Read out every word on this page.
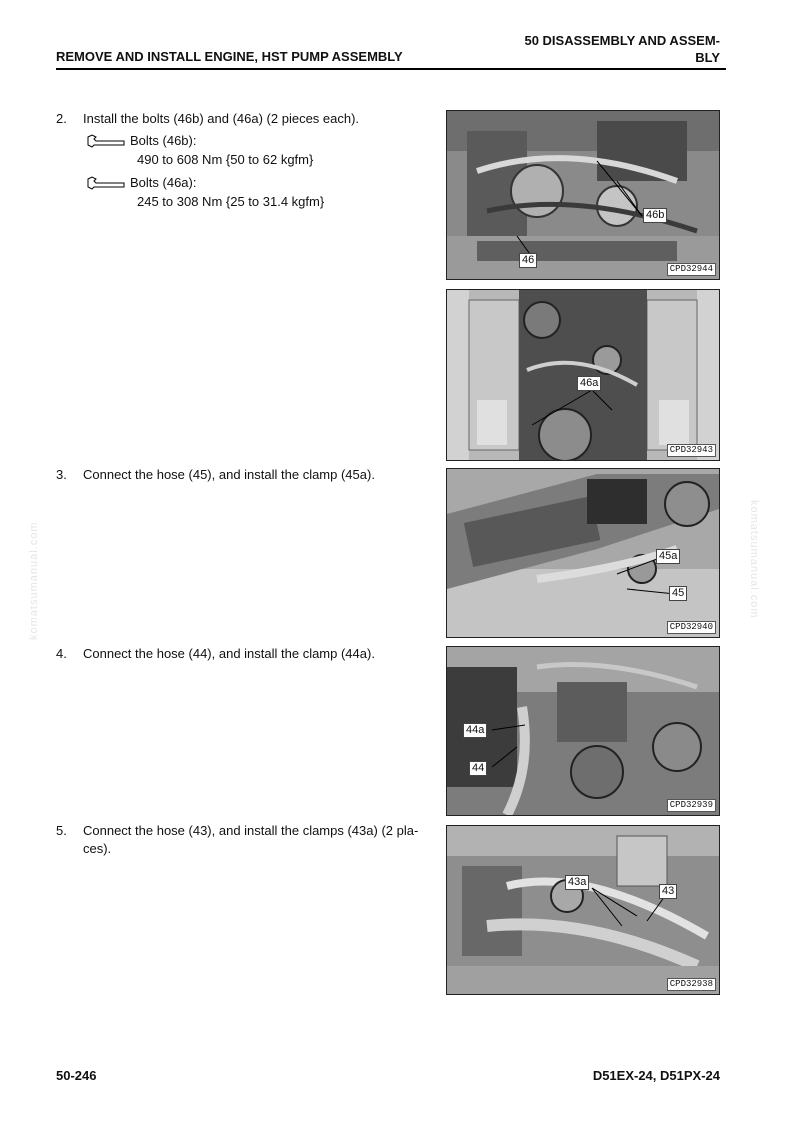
50 DISASSEMBLY AND ASSEM-
BLY
REMOVE AND INSTALL ENGINE, HST PUMP ASSEMBLY
komatsumanual.com	komatsumanual.com
2. Install the bolts (46b) and (46a) (2 pieces each).
Bolts (46b):
490 to 608 Nm {50 to 62 kgfm}
Bolts (46a):
245 to 308 Nm {25 to 31.4 kgfm}
3. Connect the hose (45), and install the clamp (45a).
4. Connect the hose (44), and install the clamp (44a).
5. Connect the hose (43), and install the clamps (43a) (2 pla- ces).
46b
46
CPD32944
46a
CPD32943
45a
45
CPD32940
44a
44
CPD32939
43a
43
CPD32938
50-246	D51EX-24, D51PX-24
